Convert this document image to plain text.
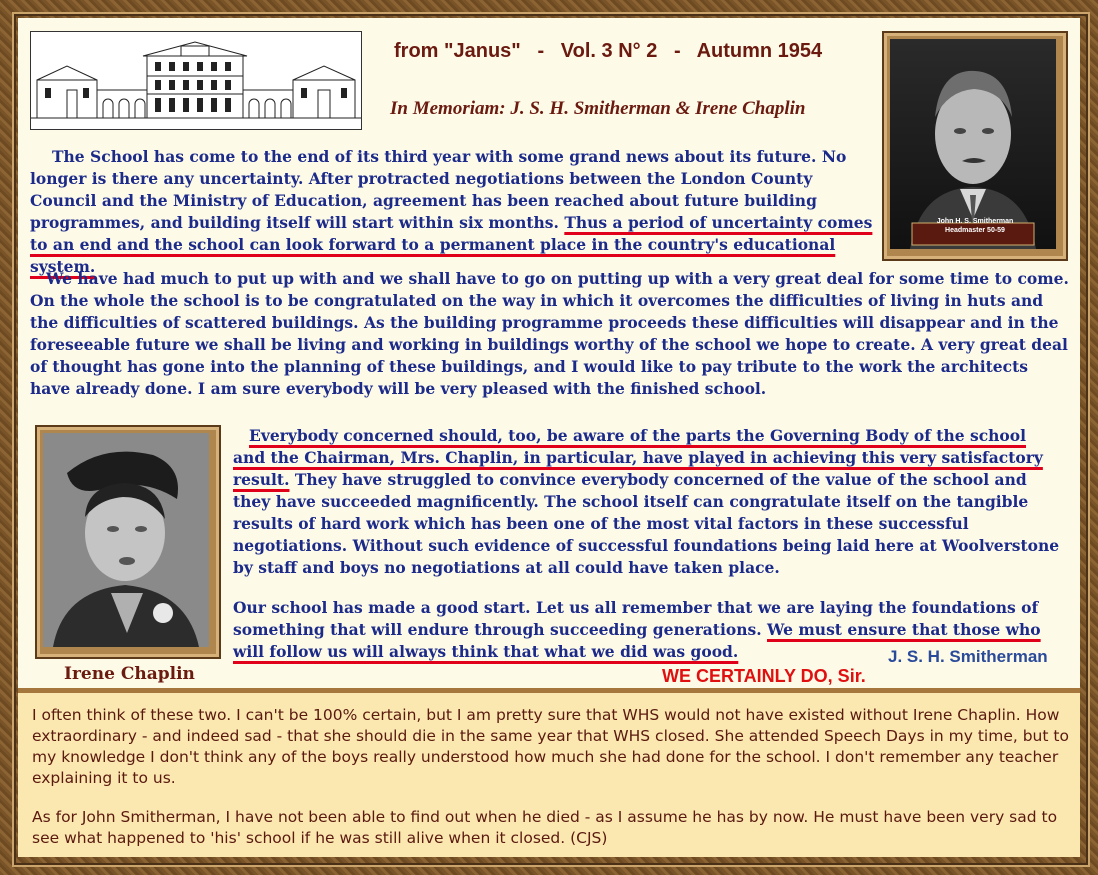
from "Janus"   -   Vol. 3 N° 2   -   Autumn 1954
In Memoriam: J. S. H. Smitherman & Irene Chaplin
John H. S. Smitherman
Headmaster 50-59

The School has come to the end of its third year with some grand news about its future. No longer is there any uncertainty. After protracted negotiations between the London County Council and the Ministry of Education, agreement has been reached about future building programmes, and building itself will start within six months. Thus a period of uncertainty comes to an end and the school can look forward to a permanent place in the country's educational system.

We have had much to put up with and we shall have to go on putting up with a very great deal for some time to come. On the whole the school is to be congratulated on the way in which it overcomes the difficulties of living in huts and the difficulties of scattered buildings. As the building programme proceeds these difficulties will disappear and in the foreseeable future we shall be living and working in buildings worthy of the school we hope to create. A very great deal of thought has gone into the planning of these buildings, and I would like to pay tribute to the work the architects have already done. I am sure everybody will be very pleased with the finished school.

Everybody concerned should, too, be aware of the parts the Governing Body of the school and the Chairman, Mrs. Chaplin, in particular, have played in achieving this very satisfactory result. They have struggled to convince everybody concerned of the value of the school and they have succeeded magnificently. The school itself can congratulate itself on the tangible results of hard work which has been one of the most vital factors in these successful negotiations. Without such evidence of successful foundations being laid here at Woolverstone by staff and boys no negotiations at all could have taken place.

Our school has made a good start. Let us all remember that we are laying the foundations of something that will endure through succeeding generations. We must ensure that those who will follow us will always think that what we did was good.

Irene Chaplin
J. S. H. Smitherman
WE CERTAINLY DO, Sir.

I often think of these two. I can't be 100% certain, but I am pretty sure that WHS would not have existed without Irene Chaplin. How extraordinary - and indeed sad - that she should die in the same year that WHS closed. She attended Speech Days in my time, but to my knowledge I don't think any of the boys really understood how much she had done for the school. I don't remember any teacher explaining it to us.

As for John Smitherman, I have not been able to find out when he died - as I assume he has by now. He must have been very sad to see what happened to 'his' school if he was still alive when it closed. (CJS)
